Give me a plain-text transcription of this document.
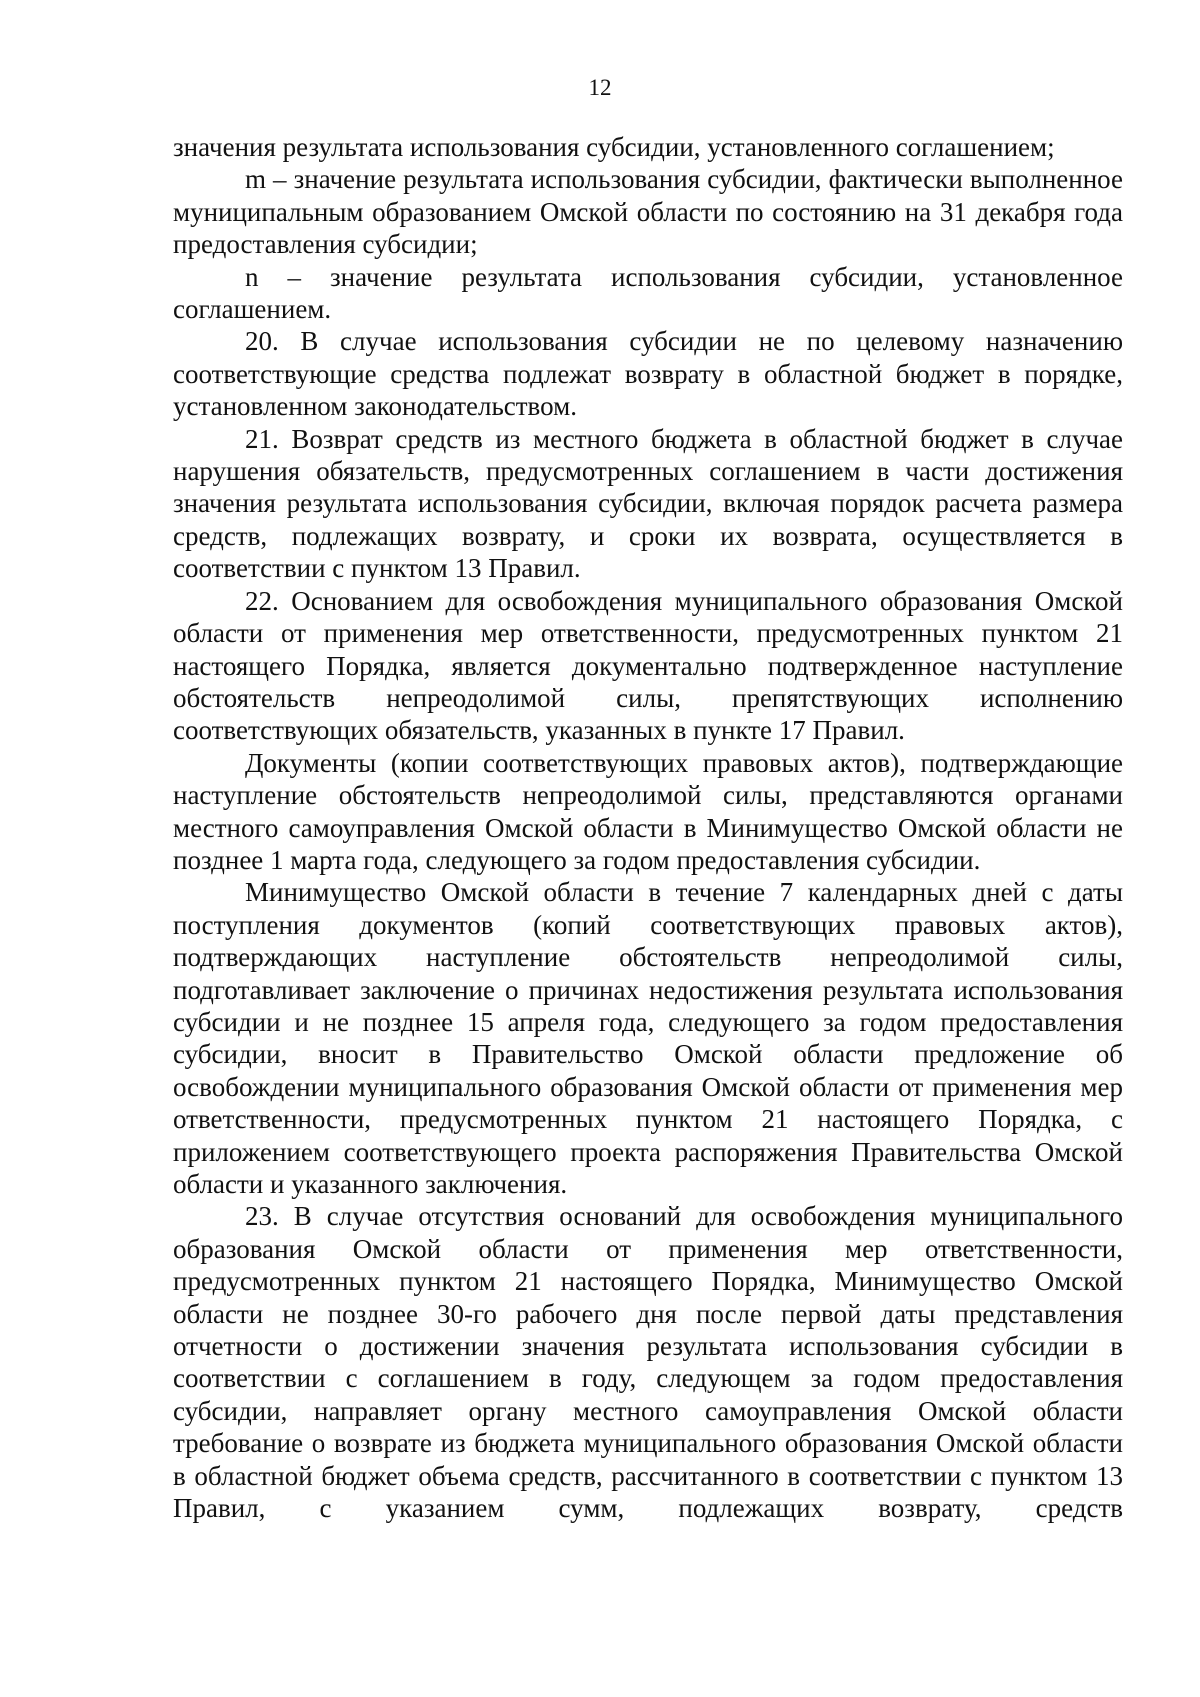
12

значения результата использования субсидии, установленного соглашением;

m – значение результата использования субсидии, фактически выполненное муниципальным образованием Омской области по состоянию на 31 декабря года предоставления субсидии;

n – значение результата использования субсидии, установленное соглашением.

20. В случае использования субсидии не по целевому назначению соответствующие средства подлежат возврату в областной бюджет в порядке, установленном законодательством.

21. Возврат средств из местного бюджета в областной бюджет в случае нарушения обязательств, предусмотренных соглашением в части достижения значения результата использования субсидии, включая порядок расчета размера средств, подлежащих возврату, и сроки их возврата, осуществляется в соответствии с пунктом 13 Правил.

22. Основанием для освобождения муниципального образования Омской области от применения мер ответственности, предусмотренных пунктом 21 настоящего Порядка, является документально подтвержденное наступление обстоятельств непреодолимой силы, препятствующих исполнению соответствующих обязательств, указанных в пункте 17 Правил.

Документы (копии соответствующих правовых актов), подтверждающие наступление обстоятельств непреодолимой силы, представляются органами местного самоуправления Омской области в Минимущество Омской области не позднее 1 марта года, следующего за годом предоставления субсидии.

Минимущество Омской области в течение 7 календарных дней с даты поступления документов (копий соответствующих правовых актов), подтверждающих наступление обстоятельств непреодолимой силы, подготавливает заключение о причинах недостижения результата использования субсидии и не позднее 15 апреля года, следующего за годом предоставления субсидии, вносит в Правительство Омской области предложение об освобождении муниципального образования Омской области от применения мер ответственности, предусмотренных пунктом 21 настоящего Порядка, с приложением соответствующего проекта распоряжения Правительства Омской области и указанного заключения.

23. В случае отсутствия оснований для освобождения муниципального образования Омской области от применения мер ответственности, предусмотренных пунктом 21 настоящего Порядка, Минимущество Омской области не позднее 30-го рабочего дня после первой даты представления отчетности о достижении значения результата использования субсидии в соответствии с соглашением в году, следующем за годом предоставления субсидии, направляет органу местного самоуправления Омской области требование о возврате из бюджета муниципального образования Омской области в областной бюджет объема средств, рассчитанного в соответствии с пунктом 13 Правил, с указанием сумм, подлежащих возврату, средств
